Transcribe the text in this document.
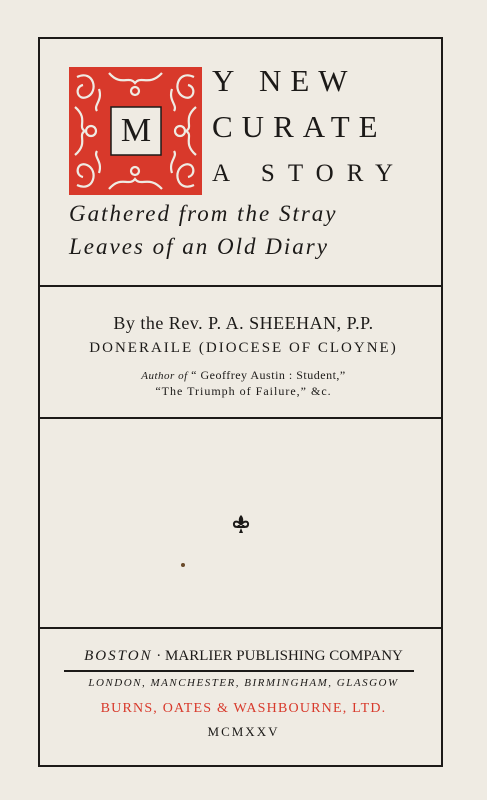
M
Y NEW
CURATE
A STORY
Gathered from the Stray
Leaves of an Old Diary
By the Rev. P. A. SHEEHAN, P.P.
DONERAILE (DIOCESE OF CLOYNE)
Author of “ Geoffrey Austin : Student,”
“The Triumph of Failure,” &c.
BOSTON · MARLIER PUBLISHING COMPANY
LONDON, MANCHESTER, BIRMINGHAM, GLASGOW
BURNS, OATES & WASHBOURNE, LTD.
MCMXXV
